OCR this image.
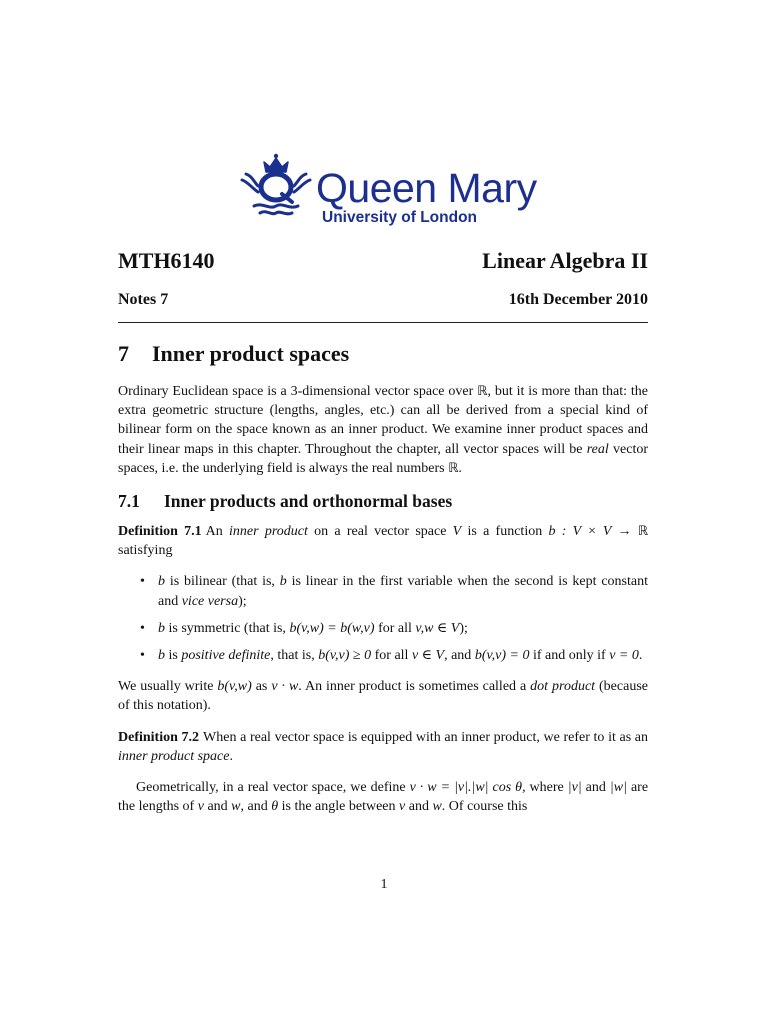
Queen Mary
University of London
MTH6140	Linear Algebra II
Notes 7	16th December 2010
7 Inner product spaces

Ordinary Euclidean space is a 3-dimensional vector space over ℝ, but it is more than that: the extra geometric structure (lengths, angles, etc.) can all be derived from a special kind of bilinear form on the space known as an inner product. We examine inner product spaces and their linear maps in this chapter. Throughout the chapter, all vector spaces will be real vector spaces, i.e. the underlying field is always the real numbers ℝ.

7.1 Inner products and orthonormal bases

Definition 7.1 An inner product on a real vector space V is a function b : V × V → ℝ satisfying

• b is bilinear (that is, b is linear in the first variable when the second is kept constant and vice versa);
• b is symmetric (that is, b(v,w) = b(w,v) for all v,w ∈ V);
• b is positive definite, that is, b(v,v) ≥ 0 for all v ∈ V, and b(v,v) = 0 if and only if v = 0.

We usually write b(v,w) as v · w. An inner product is sometimes called a dot product (because of this notation).

Definition 7.2 When a real vector space is equipped with an inner product, we refer to it as an inner product space.

Geometrically, in a real vector space, we define v · w = |v|.|w| cos θ, where |v| and |w| are the lengths of v and w, and θ is the angle between v and w. Of course this

1
